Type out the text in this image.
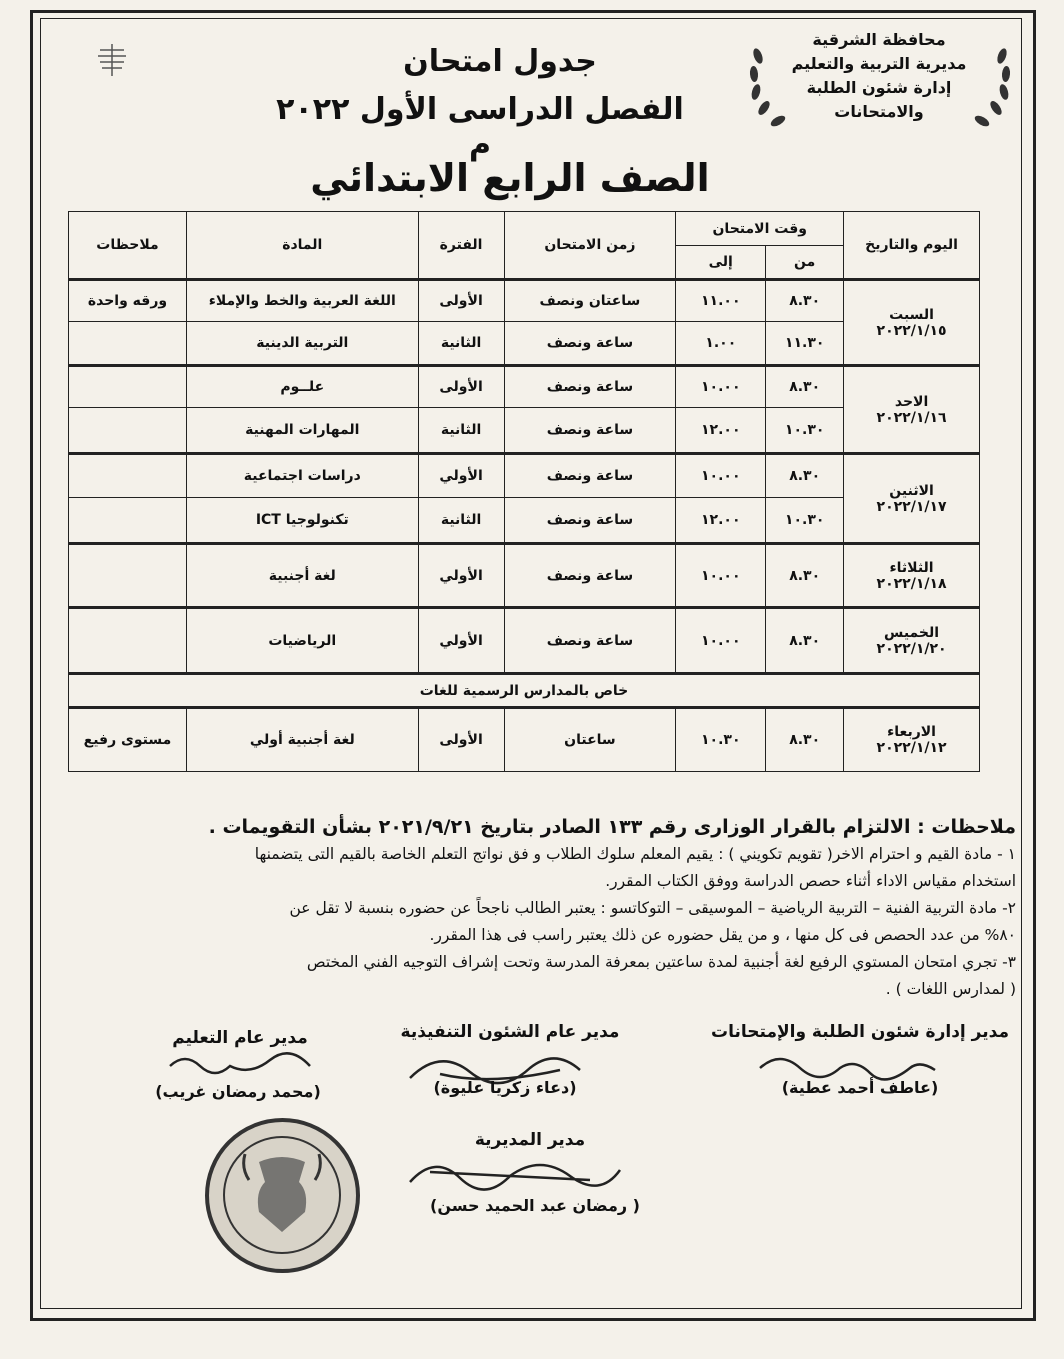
محافظة الشرقية
مديرية التربية والتعليم
إدارة شئون الطلبة والامتحانات
جدول امتحان
الفصل الدراسى الأول ٢٠٢٢ م
الصف الرابع الابتدائي
اليوم والتاريخ	وقت الامتحان		زمن الامتحان	الفترة	المادة	ملاحظات
	من	إلى				

السبت
٢٠٢٢/١/١٥	٨.٣٠	١١.٠٠	ساعتان ونصف	الأولى	اللغة العربية والخط والإملاء	ورقه واحدة
	١١.٣٠	١.٠٠	ساعة ونصف	الثانية	التربية الدينية	

الاحد
٢٠٢٢/١/١٦	٨.٣٠	١٠.٠٠	ساعة ونصف	الأولى	علــوم	
	١٠.٣٠	١٢.٠٠	ساعة ونصف	الثانية	المهارات المهنية	

الاثنين
٢٠٢٢/١/١٧	٨.٣٠	١٠.٠٠	ساعة ونصف	الأولي	دراسات اجتماعية	
	١٠.٣٠	١٢.٠٠	ساعة ونصف	الثانية	تكنولوجيا ICT	

الثلاثاء
٢٠٢٢/١/١٨	٨.٣٠	١٠.٠٠	ساعة ونصف	الأولي	لغة أجنبية	

الخميس
٢٠٢٢/١/٢٠	٨.٣٠	١٠.٠٠	ساعة ونصف	الأولي	الرياضيات	
خاص بالمدارس الرسمية للغات						

الاربعاء
٢٠٢٢/١/١٢	٨.٣٠	١٠.٣٠	ساعتان	الأولى	لغة أجنبية أولي	مستوى رفيع
ملاحظات : الالتزام بالقرار الوزارى رقم ١٣٣ الصادر بتاريخ ٢٠٢١/٩/٢١ بشأن التقويمات .
١ - مادة القيم و احترام الاخر( تقويم تكويني ) : يقيم المعلم سلوك الطلاب و فق نواتج التعلم الخاصة بالقيم التى يتضمنها
استخدام مقياس الاداء أثناء حصص الدراسة ووفق الكتاب المقرر.
٢- مادة التربية الفنية – التربية الرياضية – الموسيقى – التوكاتسو : يعتبر الطالب ناجحاً عن حضوره بنسبة لا تقل عن
٨٠% من عدد الحصص فى كل منها ، و من يقل حضوره عن ذلك يعتبر راسب فى هذا المقرر.
٣- تجري امتحان المستوي الرفيع لغة أجنبية لمدة ساعتين بمعرفة المدرسة وتحت إشراف التوجيه الفني المختص
( لمدارس اللغات ) .
مدير إدارة شئون الطلبة والإمتحانات
(عاطف أحمد عطية)
مدير عام الشئون التنفيذية
(دعاء زكريا عليوة)
مدير عام التعليم
(محمد رمضان غريب)
مدير المديرية
( رمضان عبد الحميد حسن)
